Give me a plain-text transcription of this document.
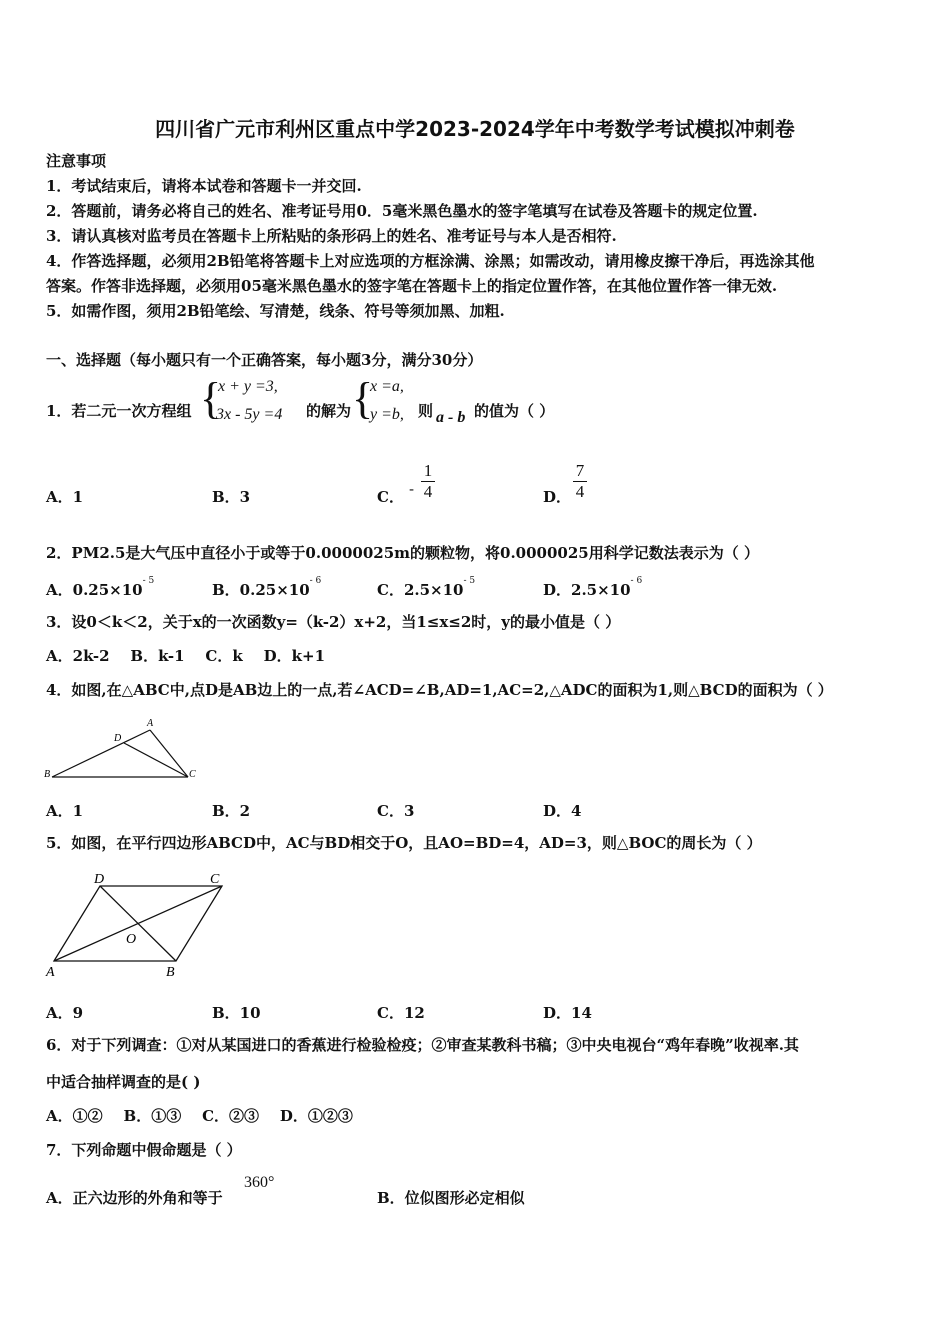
四川省广元市利州区重点中学2023-2024学年中考数学考试模拟冲刺卷
注意事项
1．考试结束后，请将本试卷和答题卡一并交回.
2．答题前，请务必将自己的姓名、准考证号用0．5毫米黑色墨水的签字笔填写在试卷及答题卡的规定位置.
3．请认真核对监考员在答题卡上所粘贴的条形码上的姓名、准考证号与本人是否相符.
4．作答选择题，必须用2B铅笔将答题卡上对应选项的方框涂满、涂黑；如需改动，请用橡皮擦干净后，再选涂其他
答案。作答非选择题，必须用05毫米黑色墨水的签字笔在答题卡上的指定位置作答，在其他位置作答一律无效.
5．如需作图，须用2B铅笔绘、写清楚，线条、符号等须加黑、加粗.
一、选择题（每小题只有一个正确答案，每小题3分，满分30分）
1．若二元一次方程组 {
x + y =3,
3x - 5y =4 的解为 {
x =a,
y =b, 则 a - b 的值为（ ）
A．1	B．3	C． -
1
4	D．
7
4
2．PM2.5是大气压中直径小于或等于0.0000025m的颗粒物，将0.0000025用科学记数法表示为（ ）
A．$0.25\times 10^{- 5}$	B．$0.25\times 10^{- 6}$	C．$2.5\times 10^{- 5}$	D．$2.5\times 10^{- 6}$
3．设0＜k＜2，关于x的一次函数y=（k-2）x+2，当1≤x≤2时，y的最小值是（ ）
A．2k-2    B．k-1    C．k    D．k+1
4．如图,在△ABC中,点D是AB边上的一点,若∠ACD=∠B,AD=1,AC=2,△ADC的面积为1,则△BCD的面积为（ ）
A
D
B	C
A．1	B．2	C．3	D．4
5．如图，在平行四边形ABCD中，AC与BD相交于O，且AO=BD=4，AD=3，则△BOC的周长为（ ）
D	C
O
A	B
A．9	B．10	C．12	D．14
6．对于下列调查：①对从某国进口的香蕉进行检验检疫；②审查某教科书稿；③中央电视台“鸡年春晚”收视率.其
中适合抽样调查的是( )
A．①②    B．①③    C．②③    D．①②③
7．下列命题中假命题是（ ）
A．正六边形的外角和等于
360°
B．位似图形必定相似
